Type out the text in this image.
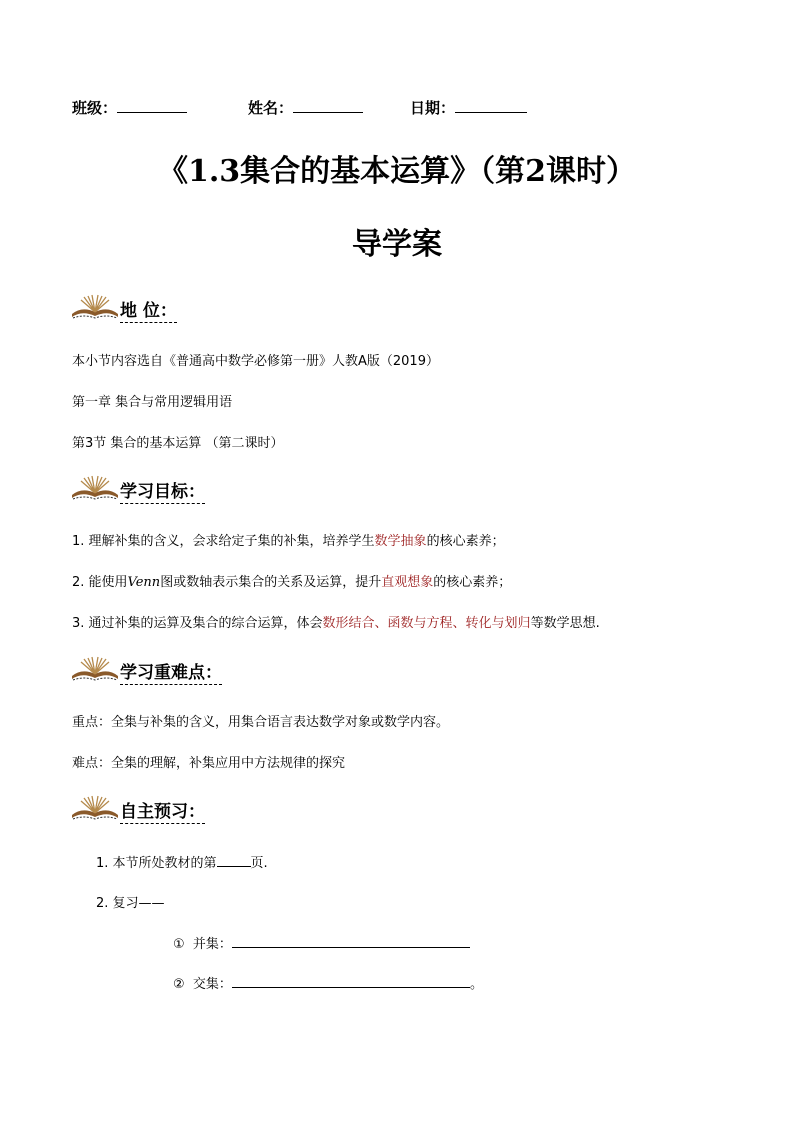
班级：	姓名：	日期：
《1.3集合的基本运算》（第2课时）
导学案
地 位：
本小节内容选自《普通高中数学必修第一册》人教A版（2019）
第一章 集合与常用逻辑用语
第3节 集合的基本运算 （第二课时）
学习目标：
1. 理解补集的含义，会求给定子集的补集，培养学生数学抽象的核心素养；
2. 能使用Venn图或数轴表示集合的关系及运算，提升直观想象的核心素养；
3. 通过补集的运算及集合的综合运算，体会数形结合、函数与方程、转化与划归等数学思想.
学习重难点：
重点：全集与补集的含义，用集合语言表达数学对象或数学内容。
难点：全集的理解，补集应用中方法规律的探究
自主预习：
1. 本节所处教材的第	页.
2. 复习——
① 并集：
② 交集：	。
